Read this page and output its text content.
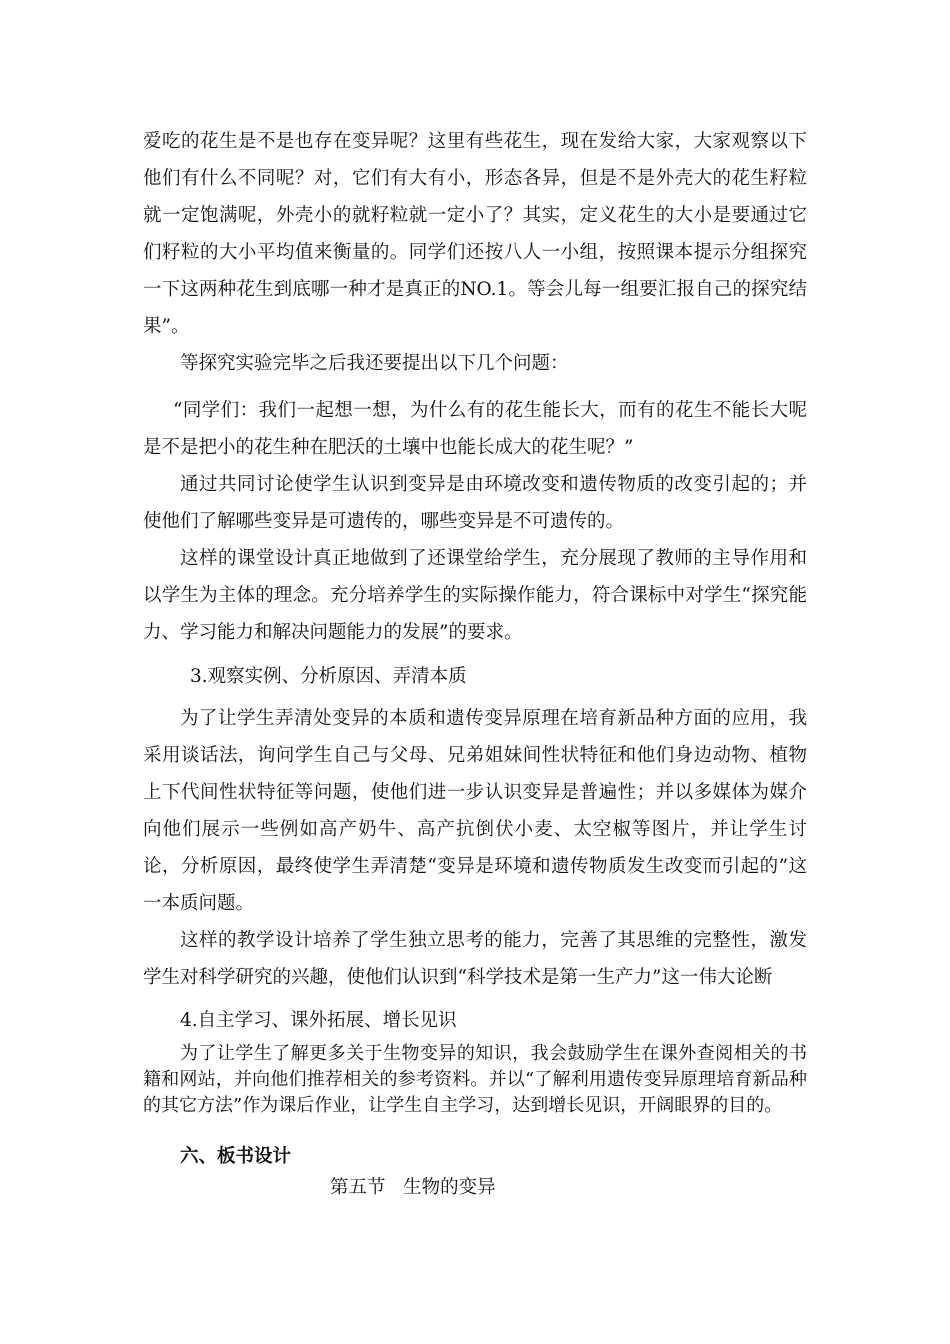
爱吃的花生是不是也存在变异呢？这里有些花生，现在发给大家，大家观察以下他们有什么不同呢？对，它们有大有小，形态各异，但是不是外壳大的花生籽粒就一定饱满呢，外壳小的就籽粒就一定小了？其实，定义花生的大小是要通过它们籽粒的大小平均值来衡量的。同学们还按八人一小组，按照课本提示分组探究一下这两种花生到底哪一种才是真正的NO.1。等会儿每一组要汇报自己的探究结果”。

等探究实验完毕之后我还要提出以下几个问题：

“同学们：我们一起想一想，为什么有的花生能长大，而有的花生不能长大呢是不是把小的花生种在肥沃的土壤中也能长成大的花生呢？”

通过共同讨论使学生认识到变异是由环境改变和遗传物质的改变引起的；并使他们了解哪些变异是可遗传的，哪些变异是不可遗传的。

这样的课堂设计真正地做到了还课堂给学生，充分展现了教师的主导作用和以学生为主体的理念。充分培养学生的实际操作能力，符合课标中对学生“探究能力、学习能力和解决问题能力的发展”的要求。

3.观察实例、分析原因、弄清本质

为了让学生弄清处变异的本质和遗传变异原理在培育新品种方面的应用，我采用谈话法，询问学生自己与父母、兄弟姐妹间性状特征和他们身边动物、植物上下代间性状特征等问题，使他们进一步认识变异是普遍性；并以多媒体为媒介向他们展示一些例如高产奶牛、高产抗倒伏小麦、太空椒等图片，并让学生讨论，分析原因，最终使学生弄清楚“变异是环境和遗传物质发生改变而引起的”这一本质问题。

这样的教学设计培养了学生独立思考的能力，完善了其思维的完整性，激发学生对科学研究的兴趣，使他们认识到“科学技术是第一生产力”这一伟大论断

4.自主学习、课外拓展、增长见识

为了让学生了解更多关于生物变异的知识，我会鼓励学生在课外查阅相关的书籍和网站，并向他们推荐相关的参考资料。并以“了解利用遗传变异原理培育新品种的其它方法”作为课后作业，让学生自主学习，达到增长见识，开阔眼界的目的。

六、板书设计

第五节   生物的变异
